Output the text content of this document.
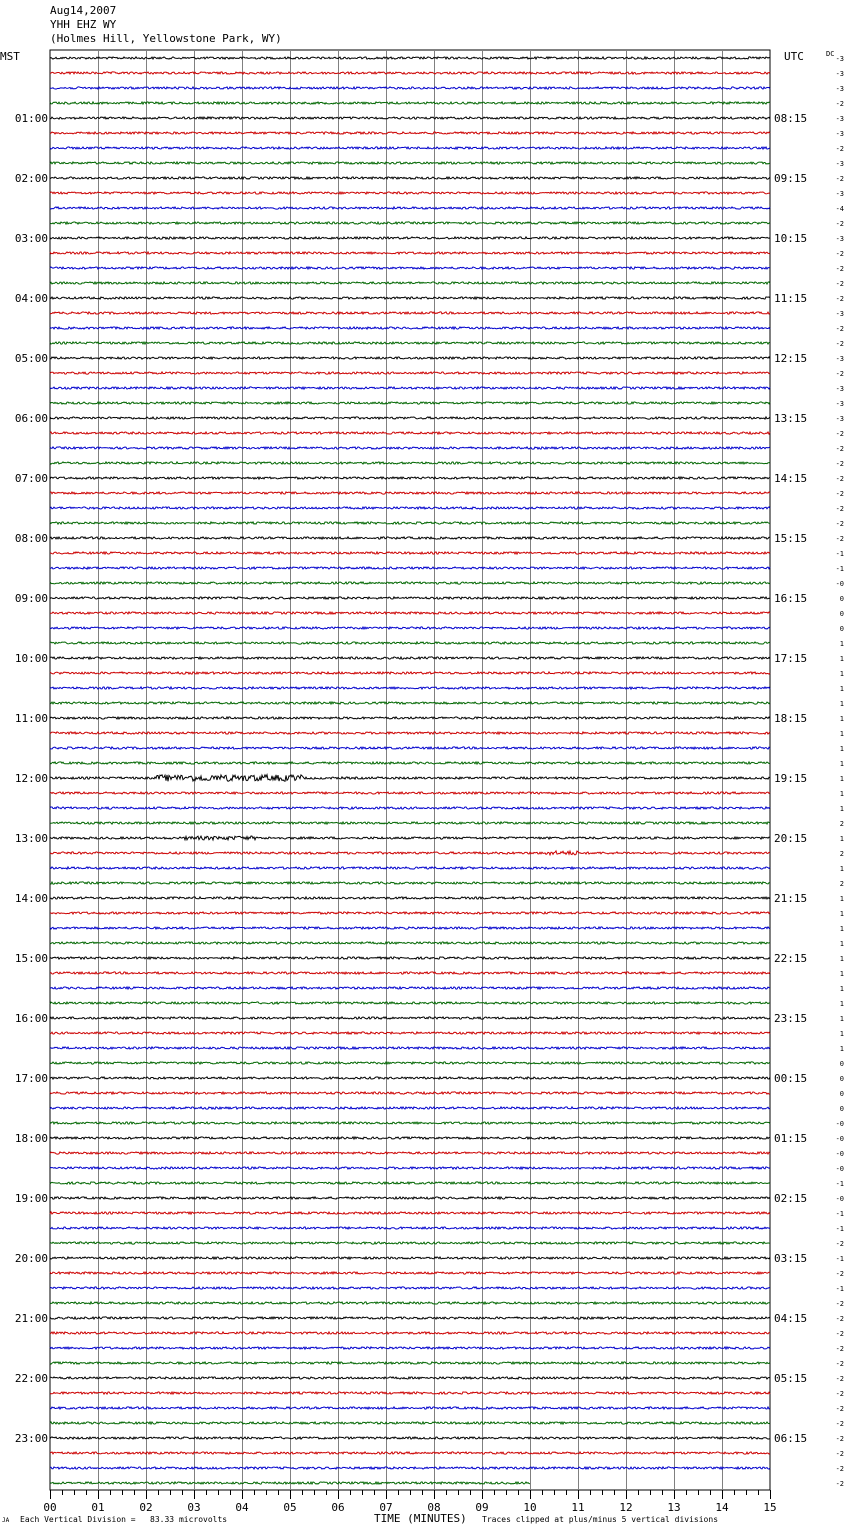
Aug14,2007
YHH EHZ WY
(Holmes Hill, Yellowstone Park, WY)
MST	UTC	DC
-3
-3
-3
-2
-3
-3
-2
-3
-2
-3
-4
-2
-3
-2
-2
-2
-2
-3
-2
-2
-3
-2
-3
-3
-3
-2
-2
-2
-2
-2
-2
-2
-2
-1
-1
-0
0
0
0
1
1
1
1
1
1
1
1
1
1
1
1
2
1
2
1
2
1
1
1
1
1
1
1
1
1
1
1
0
0
0
0
-0
-0
-0
-0
-1
-0
-1
-1
-2
-1
-2
-1
-2
-2
-2
-2
-2
-2
-2
-2
-2
-2
-2
-2
-2
01:00
02:00
03:00
04:00
05:00
06:00
07:00
08:00
09:00
10:00
11:00
12:00
13:00
14:00
15:00
16:00
17:00
18:00
19:00
20:00
21:00
22:00
23:00
08:15
09:15
10:15
11:15
12:15
13:15
14:15
15:15
16:15
17:15
18:15
19:15
20:15
21:15
22:15
23:15
00:15
01:15
02:15
03:15
04:15
05:15
06:15
00	01	02	03	04	05	06	07	08	09	10	11	12	13	14	15
JA Each Vertical Division =   83.33 microvolts	TIME (MINUTES) Traces clipped at plus/minus 5 vertical divisions
